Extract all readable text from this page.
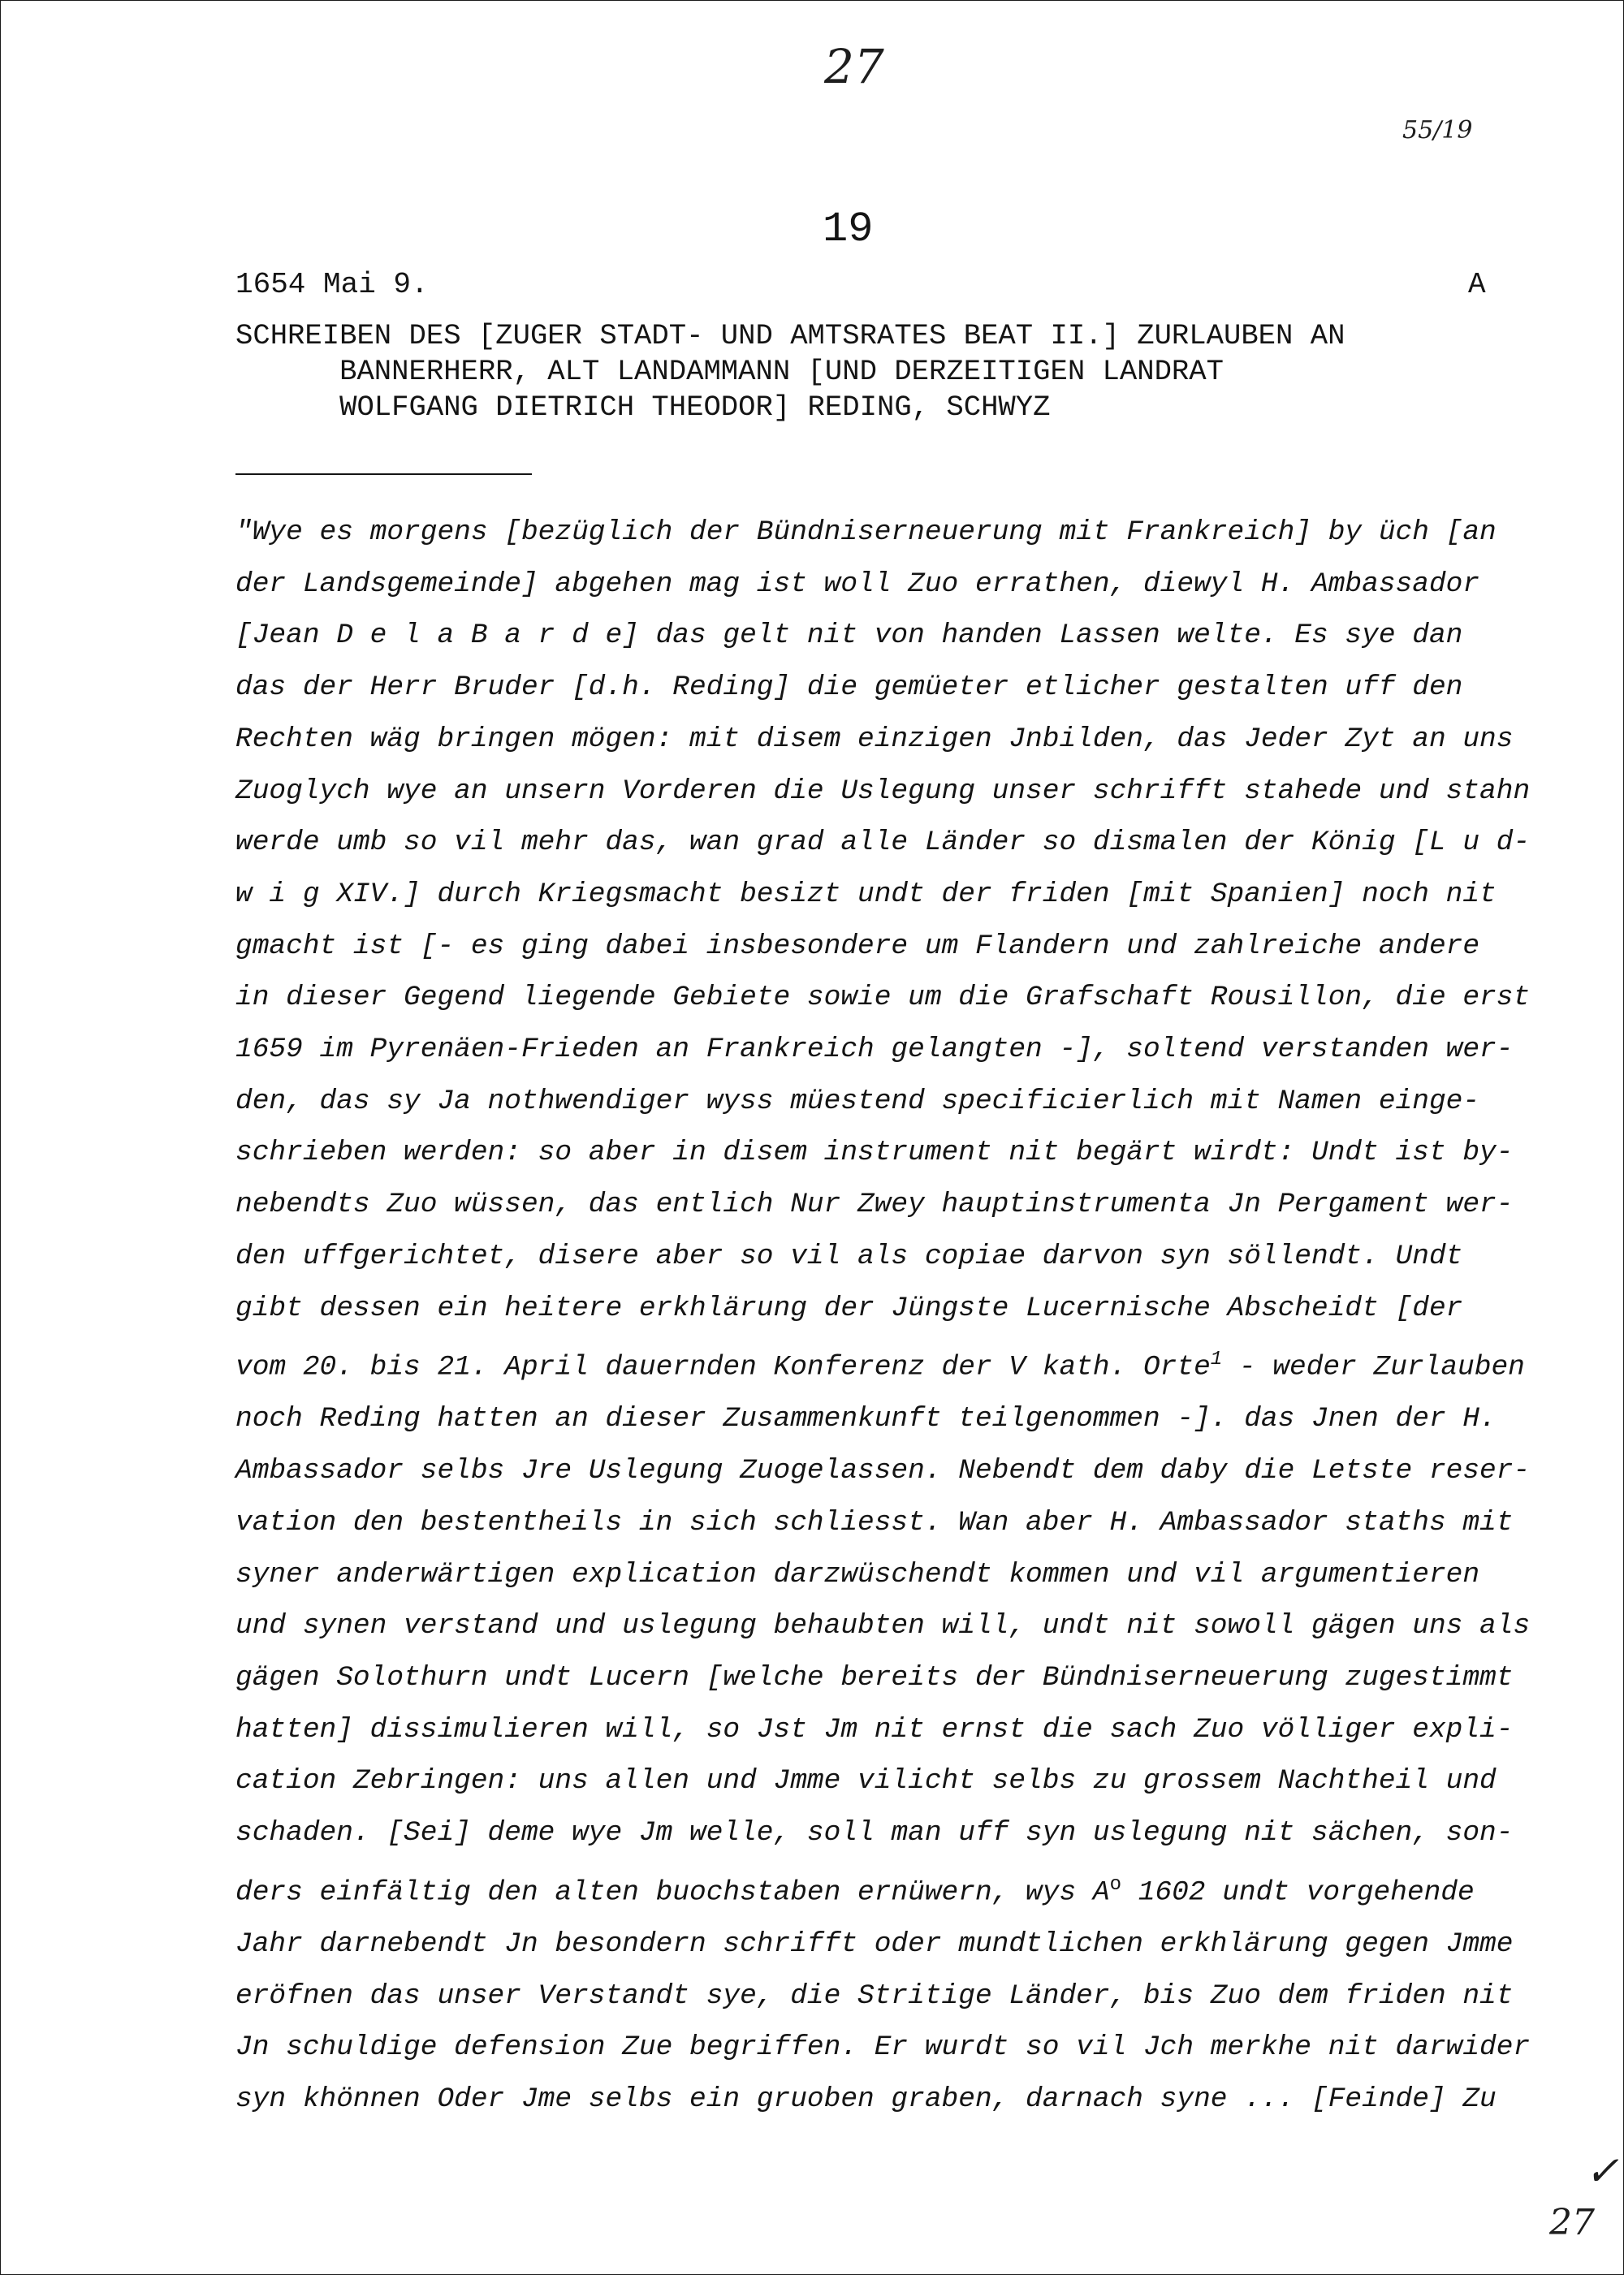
27
55/19
19
1654 Mai 9.	A
SCHREIBEN DES [ZUGER STADT- UND AMTSRATES BEAT II.] ZURLAUBEN AN
BANNERHERR, ALT LANDAMMANN [UND DERZEITIGEN LANDRAT
WOLFGANG DIETRICH THEODOR] REDING, SCHWYZ
"Wye es morgens [bezüglich der Bündniserneuerung mit Frankreich] by üch [an
der Landsgemeinde] abgehen mag ist woll Zuo errathen, diewyl H. Ambassador
[Jean D e l a B a r d e] das gelt nit von handen Lassen welte. Es sye dan
das der Herr Bruder [d.h. Reding] die gemüeter etlicher gestalten uff den
Rechten wäg bringen mögen: mit disem einzigen Jnbilden, das Jeder Zyt an uns
Zuoglych wye an unsern Vorderen die Uslegung unser schrifft stahede und stahn
werde umb so vil mehr das, wan grad alle Länder so dismalen der König [L u d-
w i g XIV.] durch Kriegsmacht besizt undt der friden [mit Spanien] noch nit
gmacht ist [- es ging dabei insbesondere um Flandern und zahlreiche andere
in dieser Gegend liegende Gebiete sowie um die Grafschaft Rousillon, die erst
1659 im Pyrenäen-Frieden an Frankreich gelangten -], soltend verstanden wer-
den, das sy Ja nothwendiger wyss müestend specificierlich mit Namen einge-
schrieben werden: so aber in disem instrument nit begärt wirdt: Undt ist by-
nebendts Zuo wüssen, das entlich Nur Zwey hauptinstrumenta Jn Pergament wer-
den uffgerichtet, disere aber so vil als copiae darvon syn söllendt. Undt
gibt dessen ein heitere erkhlärung der Jüngste Lucernische Abscheidt [der
vom 20. bis 21. April dauernden Konferenz der V kath. Orte$^1$ - weder Zurlauben
noch Reding hatten an dieser Zusammenkunft teilgenommen -]. das Jnen der H.
Ambassador selbs Jre Uslegung Zuogelassen. Nebendt dem daby die Letste reser-
vation den bestentheils in sich schliesst. Wan aber H. Ambassador staths mit
syner anderwärtigen explication darzwüschendt kommen und vil argumentieren
und synen verstand und uslegung behaubten will, undt nit sowoll gägen uns als
gägen Solothurn undt Lucern [welche bereits der Bündniserneuerung zugestimmt
hatten] dissimulieren will, so Jst Jm nit ernst die sach Zuo völliger expli-
cation Zebringen: uns allen und Jmme vilicht selbs zu grossem Nachtheil und
schaden. [Sei] deme wye Jm welle, soll man uff syn uslegung nit sächen, son-
ders einfältig den alten buochstaben ernüwern, wys $A^o$ 1602 undt vorgehende
Jahr darnebendt Jn besondern schrifft oder mundtlichen erkhlärung gegen Jmme
eröfnen das unser Verstandt sye, die Stritige Länder, bis Zuo dem friden nit
Jn schuldige defension Zue begriffen. Er wurdt so vil Jch merkhe nit darwider
syn khönnen Oder Jme selbs ein gruoben graben, darnach syne ... [Feinde] Zu
✓
27
